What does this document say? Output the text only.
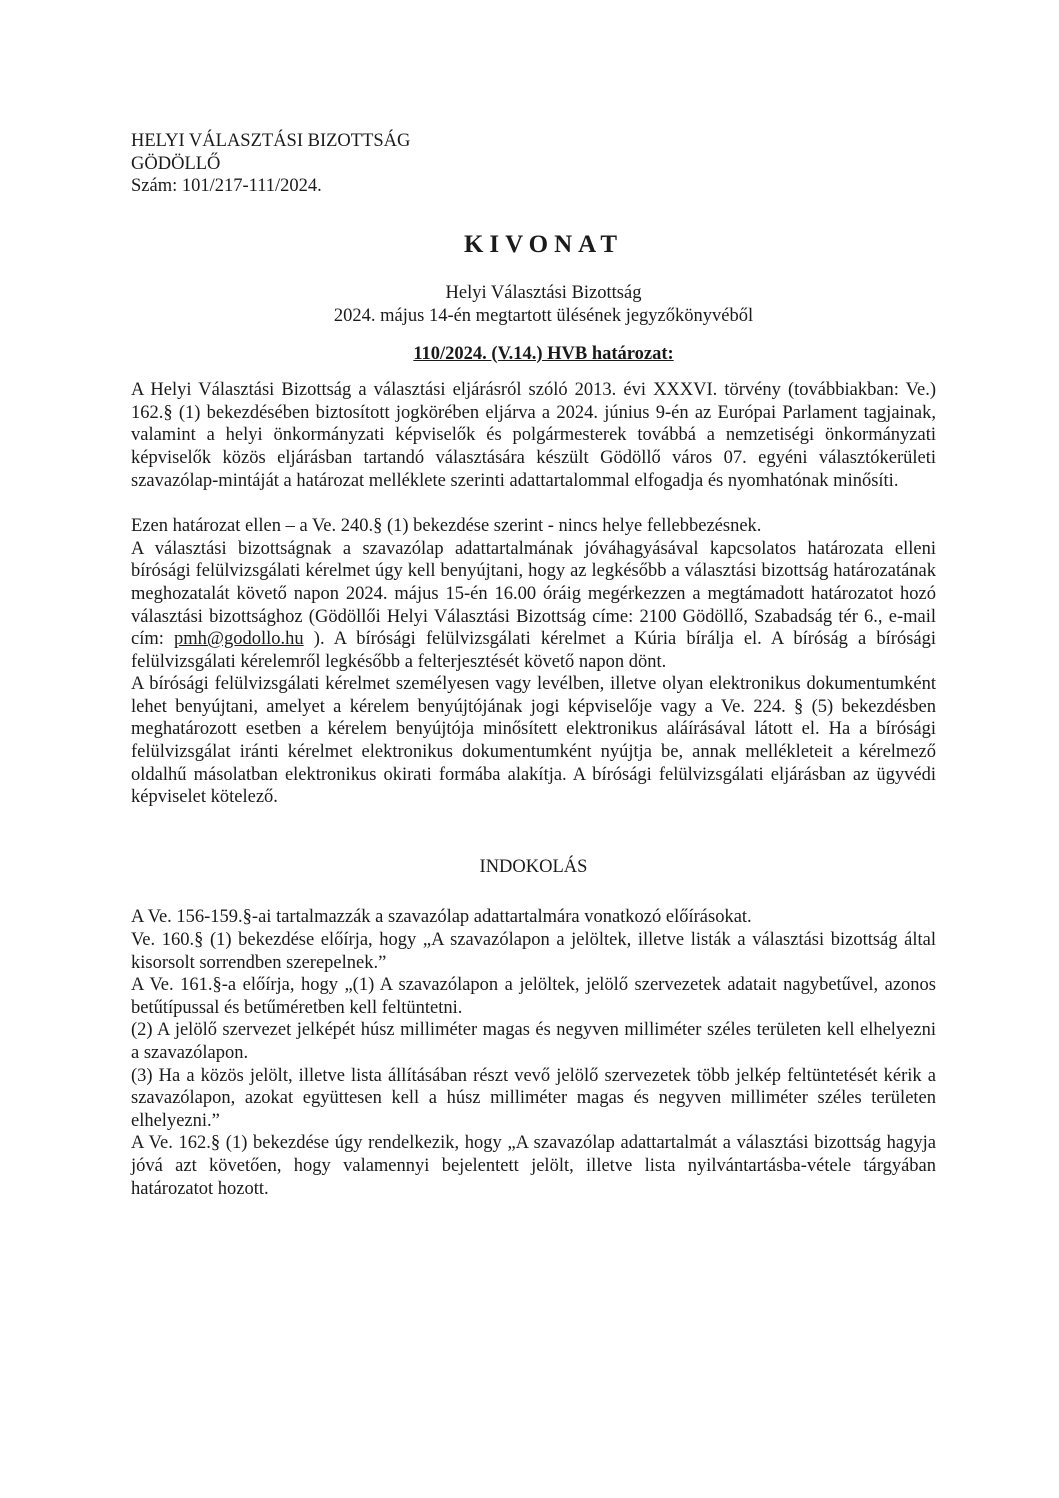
HELYI VÁLASZTÁSI BIZOTTSÁG

GÖDÖLLŐ

Szám: 101/217-111/2024.

KIVONAT

Helyi Választási Bizottság

2024. május 14-én megtartott ülésének jegyzőkönyvéből

110/2024. (V.14.) HVB határozat:

A Helyi Választási Bizottság a választási eljárásról szóló 2013. évi XXXVI. törvény (továbbiakban: Ve.) 162.§ (1) bekezdésében biztosított jogkörében eljárva a 2024. június 9-én az Európai Parlament tagjainak, valamint a helyi önkormányzati képviselők és polgármesterek továbbá a nemzetiségi önkormányzati képviselők közös eljárásban tartandó választására készült Gödöllő város 07. egyéni választókerületi szavazólap-mintáját a határozat melléklete szerinti adattartalommal elfogadja és nyomhatónak minősíti.

Ezen határozat ellen – a Ve. 240.§ (1) bekezdése szerint - nincs helye fellebbezésnek.

A választási bizottságnak a szavazólap adattartalmának jóváhagyásával kapcsolatos határozata elleni bírósági felülvizsgálati kérelmet úgy kell benyújtani, hogy az legkésőbb a választási bizottság határozatának meghozatalát követő napon 2024. május 15-én 16.00 óráig megérkezzen a megtámadott határozatot hozó választási bizottsághoz (Gödöllői Helyi Választási Bizottság címe: 2100 Gödöllő, Szabadság tér 6., e-mail cím: pmh@godollo.hu ). A bírósági felülvizsgálati kérelmet a Kúria bírálja el. A bíróság a bírósági felülvizsgálati kérelemről legkésőbb a felterjesztését követő napon dönt.

A bírósági felülvizsgálati kérelmet személyesen vagy levélben, illetve olyan elektronikus dokumentumként lehet benyújtani, amelyet a kérelem benyújtójának jogi képviselője vagy a Ve. 224. § (5) bekezdésben meghatározott esetben a kérelem benyújtója minősített elektronikus aláírásával látott el. Ha a bírósági felülvizsgálat iránti kérelmet elektronikus dokumentumként nyújtja be, annak mellékleteit a kérelmező oldalhű másolatban elektronikus okirati formába alakítja. A bírósági felülvizsgálati eljárásban az ügyvédi képviselet kötelező.

INDOKOLÁS

A Ve. 156-159.§-ai tartalmazzák a szavazólap adattartalmára vonatkozó előírásokat.

Ve. 160.§ (1) bekezdése előírja, hogy „A szavazólapon a jelöltek, illetve listák a választási bizottság által kisorsolt sorrendben szerepelnek.”

A Ve. 161.§-a előírja, hogy „(1) A szavazólapon a jelöltek, jelölő szervezetek adatait nagybetűvel, azonos betűtípussal és betűméretben kell feltüntetni.

(2) A jelölő szervezet jelképét húsz milliméter magas és negyven milliméter széles területen kell elhelyezni a szavazólapon.

(3) Ha a közös jelölt, illetve lista állításában részt vevő jelölő szervezetek több jelkép feltüntetését kérik a szavazólapon, azokat együttesen kell a húsz milliméter magas és negyven milliméter széles területen elhelyezni.”

A Ve. 162.§ (1) bekezdése úgy rendelkezik, hogy „A szavazólap adattartalmát a választási bizottság hagyja jóvá azt követően, hogy valamennyi bejelentett jelölt, illetve lista nyilvántartásba-vétele tárgyában határozatot hozott.
